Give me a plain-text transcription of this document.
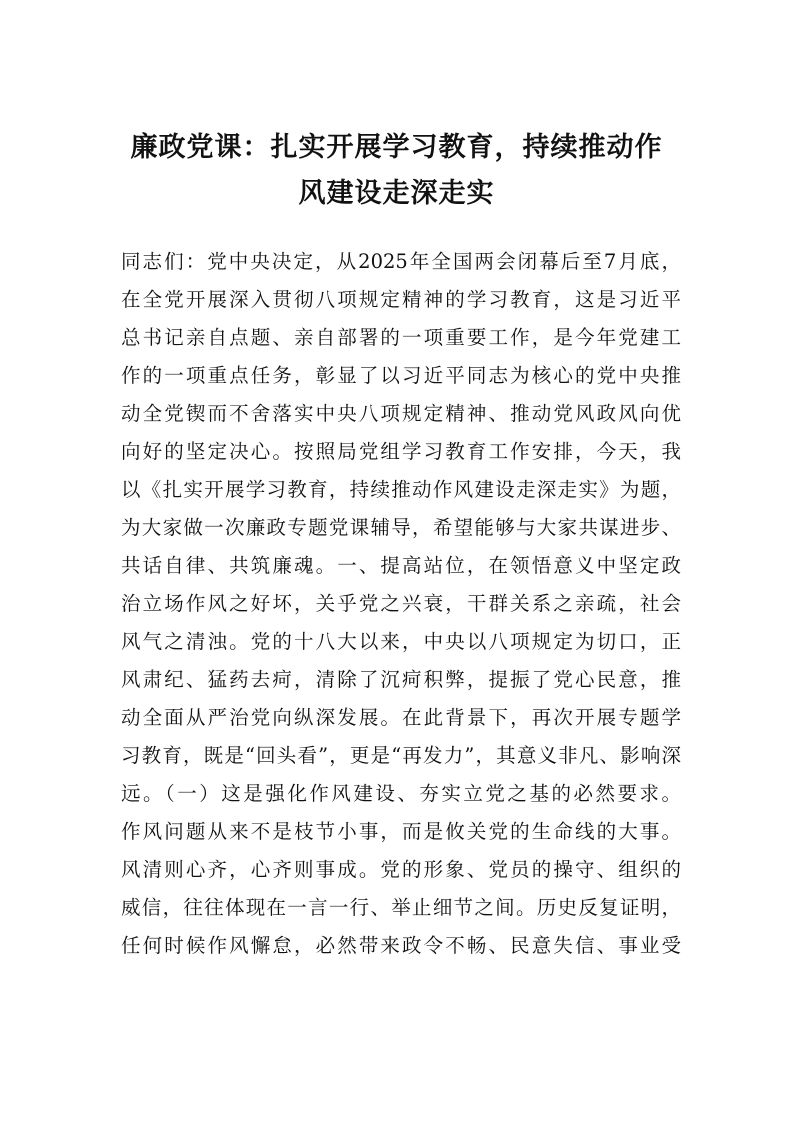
廉政党课：扎实开展学习教育，持续推动作
风建设走深走实

同志们：党中央决定，从2025年全国两会闭幕后至7月底，

在全党开展深入贯彻八项规定精神的学习教育，这是习近平

总书记亲自点题、亲自部署的一项重要工作，是今年党建工

作的一项重点任务，彰显了以习近平同志为核心的党中央推

动全党锲而不舍落实中央八项规定精神、推动党风政风向优

向好的坚定决心。按照局党组学习教育工作安排，今天，我

以《扎实开展学习教育，持续推动作风建设走深走实》为题，

为大家做一次廉政专题党课辅导，希望能够与大家共谋进步、

共话自律、共筑廉魂。一、提高站位，在领悟意义中坚定政

治立场作风之好坏，关乎党之兴衰，干群关系之亲疏，社会

风气之清浊。党的十八大以来，中央以八项规定为切口，正

风肃纪、猛药去疴，清除了沉疴积弊，提振了党心民意，推

动全面从严治党向纵深发展。在此背景下，再次开展专题学

习教育，既是“回头看”，更是“再发力”，其意义非凡、影响深

远。（一）这是强化作风建设、夯实立党之基的必然要求。

作风问题从来不是枝节小事，而是攸关党的生命线的大事。

风清则心齐，心齐则事成。党的形象、党员的操守、组织的

威信，往往体现在一言一行、举止细节之间。历史反复证明，

任何时候作风懈怠，必然带来政令不畅、民意失信、事业受
